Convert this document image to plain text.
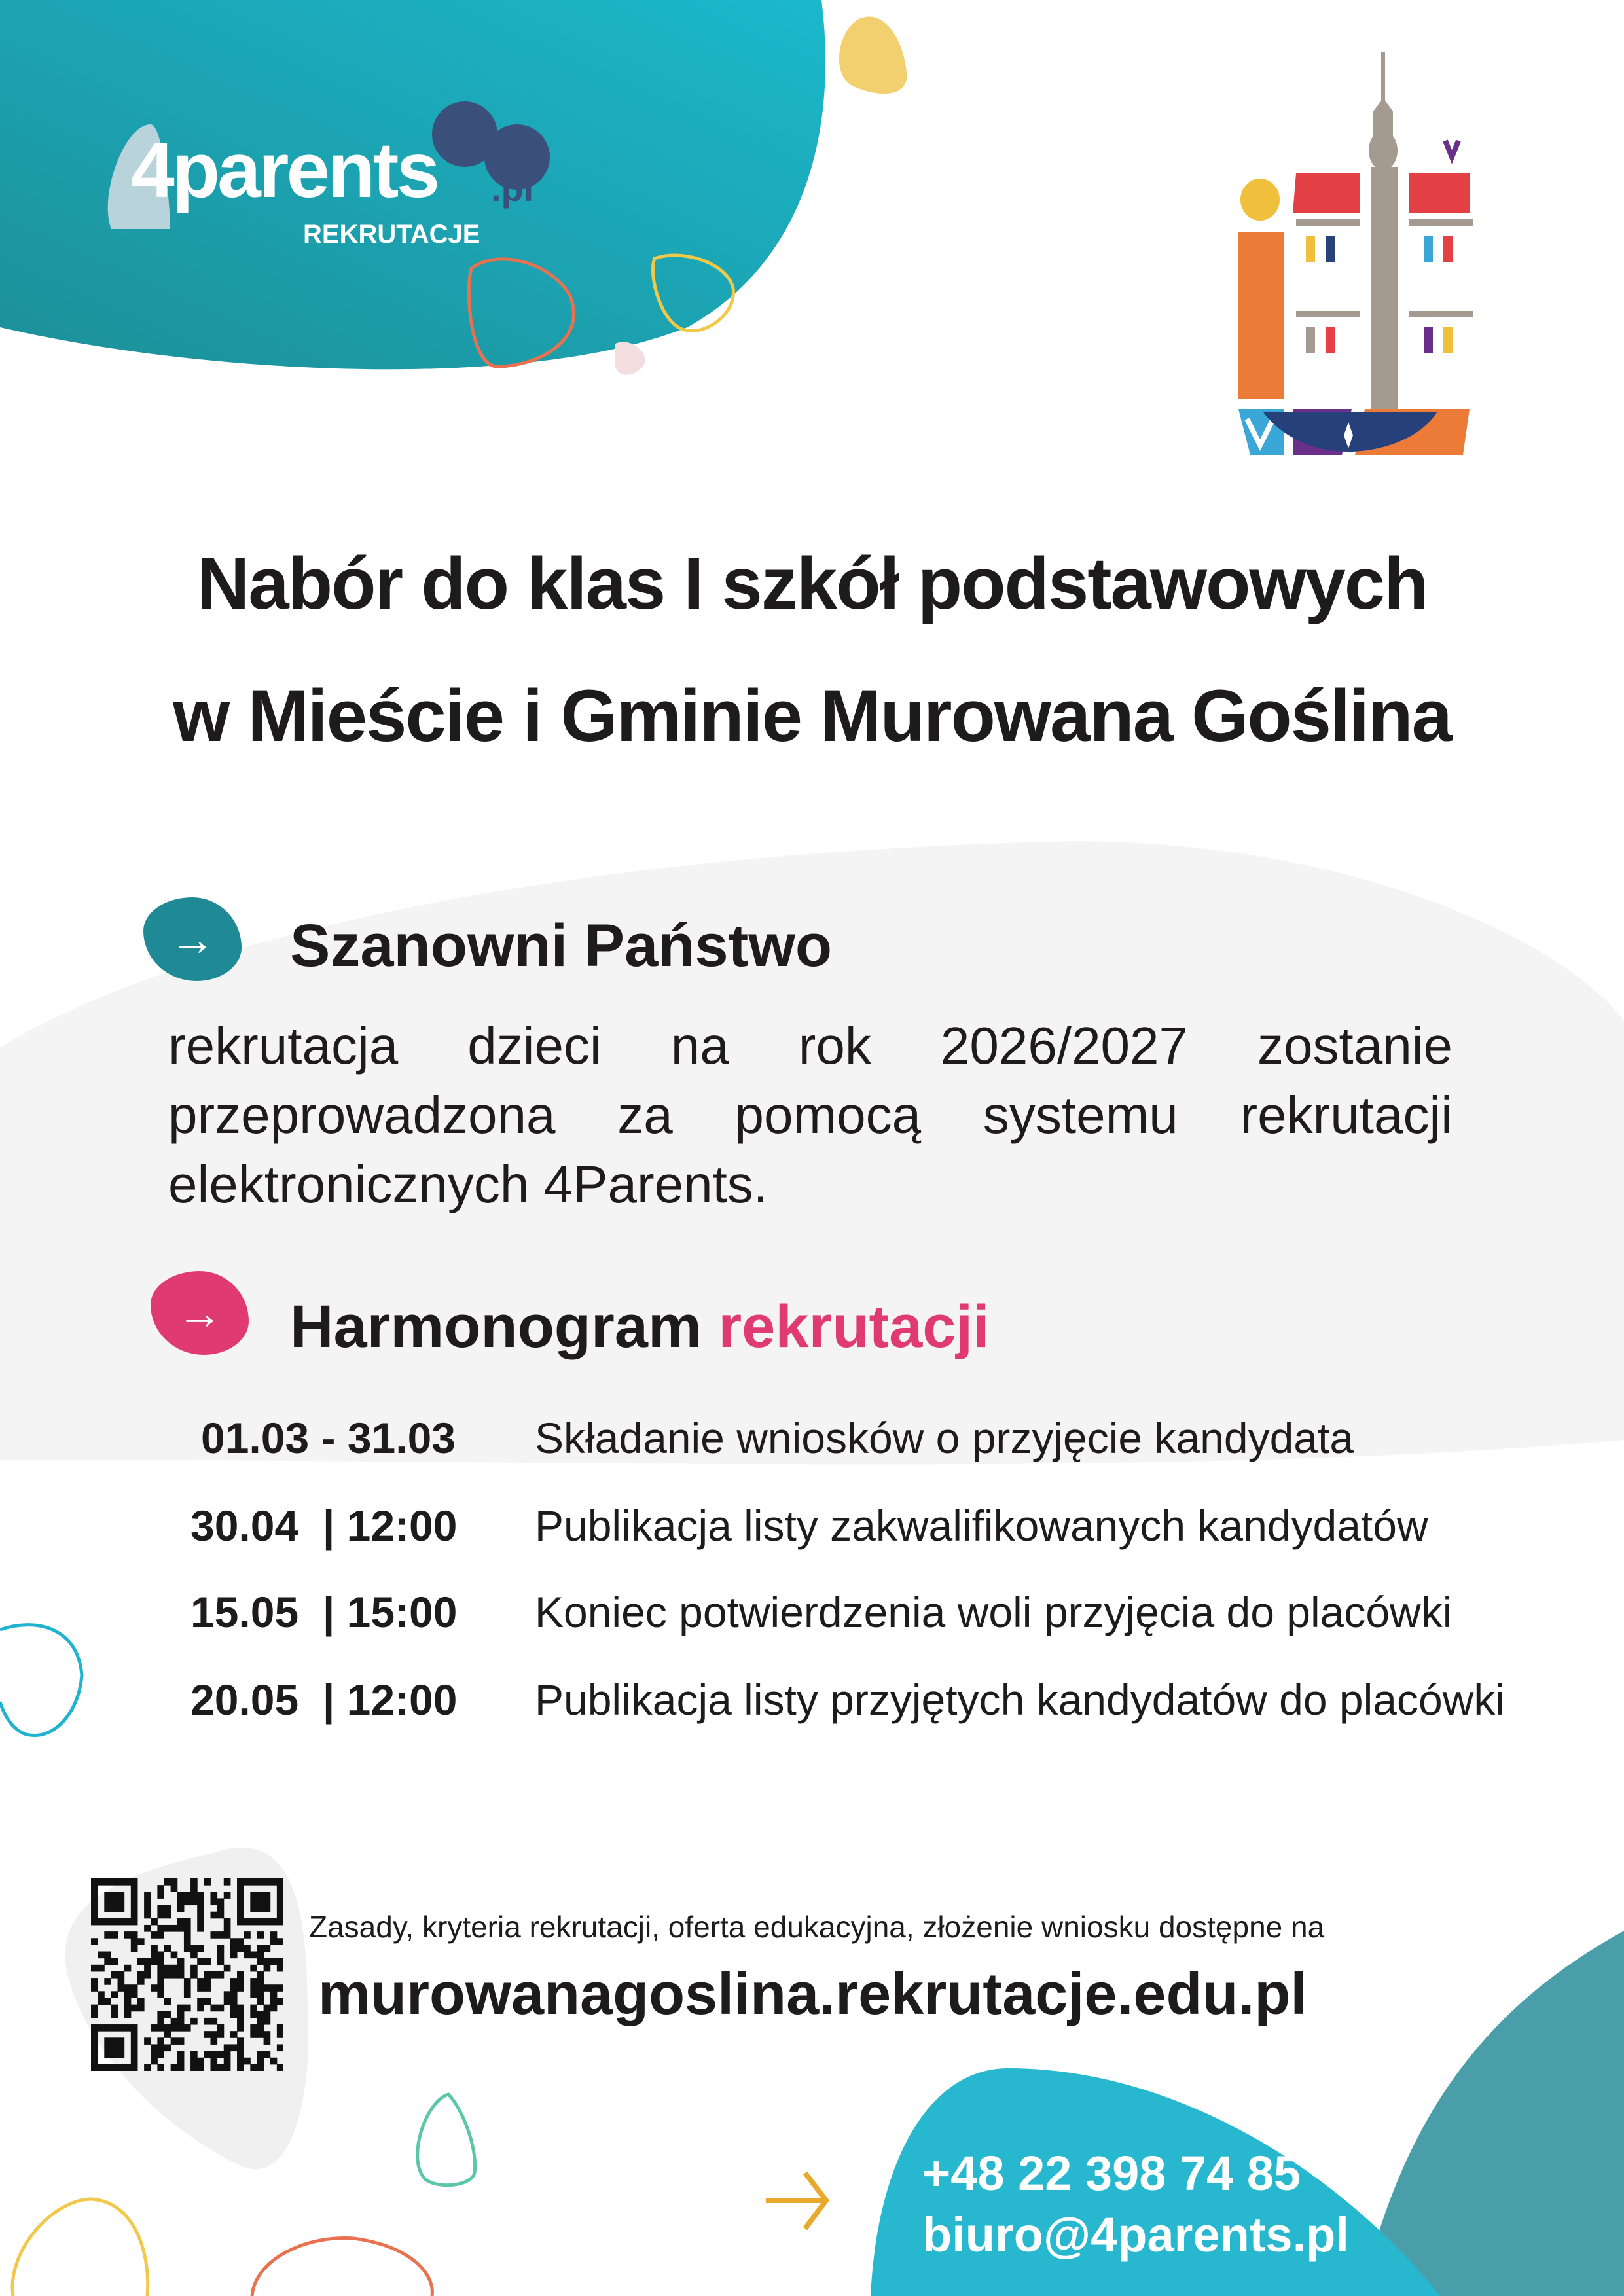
4parents .pl
REKRUTACJE
Nabór do klas I szkół podstawowych
w Mieście i Gminie Murowana Goślina
→	Szanowni Państwo
rekrutacja dzieci na rok 2026/2027 zostanie przeprowadzona za pomocą systemu rekrutacji elektronicznych 4Parents.
→	Harmonogram rekrutacji
01.03 - 31.03 Składanie wniosków o przyjęcie kandydata
30.04  | 12:00 Publikacja listy zakwalifikowanych kandydatów
15.05  | 15:00 Koniec potwierdzenia woli przyjęcia do placówki
20.05  | 12:00 Publikacja listy przyjętych kandydatów do placówki
Zasady, kryteria rekrutacji, oferta edukacyjna, złożenie wniosku dostępne na
murowanagoslina.rekrutacje.edu.pl
+48 22 398 74 85
biuro@4parents.pl
